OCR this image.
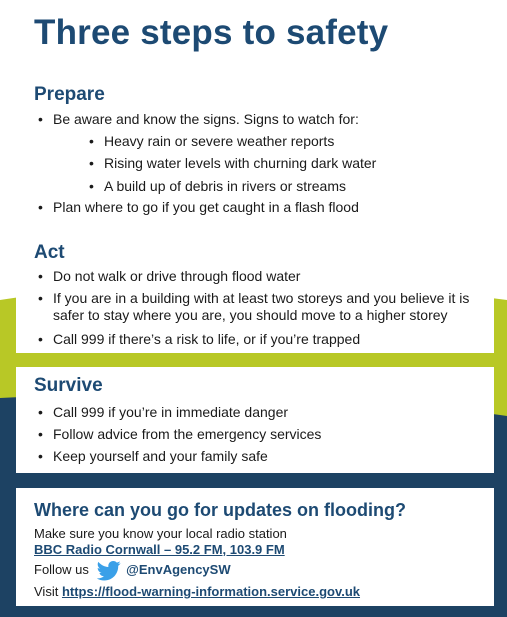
Three steps to safety
Prepare
• Be aware and know the signs. Signs to watch for:
• Heavy rain or severe weather reports
• Rising water levels with churning dark water
• A build up of debris in rivers or streams
• Plan where to go if you get caught in a flash flood
Act
• Do not walk or drive through flood water
• If you are in a building with at least two storeys and you believe it is safer to stay where you are, you should move to a higher storey
• Call 999 if there’s a risk to life, or if you’re trapped
Survive
• Call 999 if you’re in immediate danger
• Follow advice from the emergency services
• Keep yourself and your family safe
Where can you go for updates on flooding?
Make sure you know your local radio station
BBC Radio Cornwall – 95.2 FM, 103.9 FM
Follow us	@EnvAgencySW
Visit https://flood-warning-information.service.gov.uk
